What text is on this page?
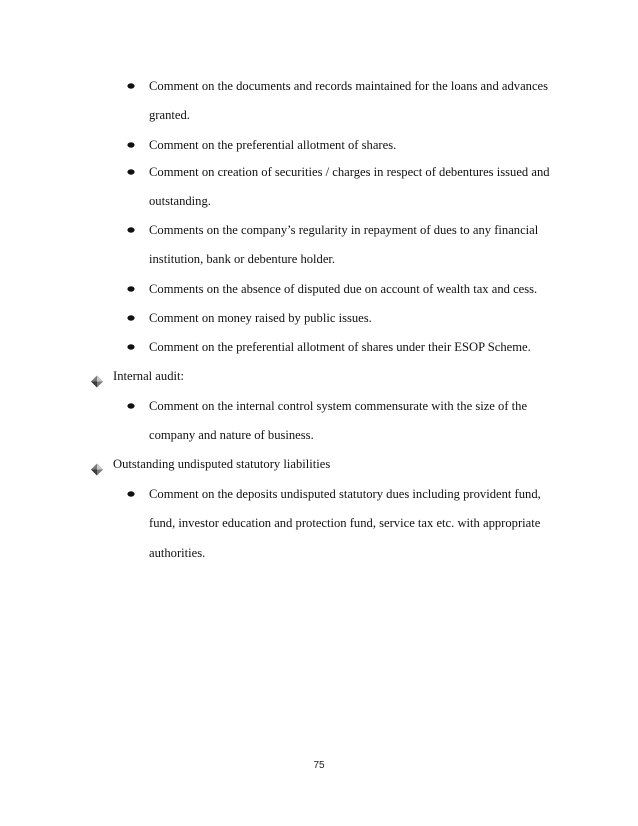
Comment on the documents and records maintained for the loans and advances
granted.
Comment on the preferential allotment of shares.
Comment on creation of securities / charges in respect of debentures issued and
outstanding.
Comments on the company’s regularity in repayment of dues to any financial
institution, bank or debenture holder.
Comments on the absence of disputed due on account of wealth tax and cess.
Comment on money raised by public issues.
Comment on the preferential allotment of shares under their ESOP Scheme.
Internal audit:
Comment on the internal control system commensurate with the size of the
company and nature of business.
Outstanding undisputed statutory liabilities
Comment on the deposits undisputed statutory dues including provident fund,
fund, investor education and protection fund, service tax etc. with appropriate
authorities.
75
